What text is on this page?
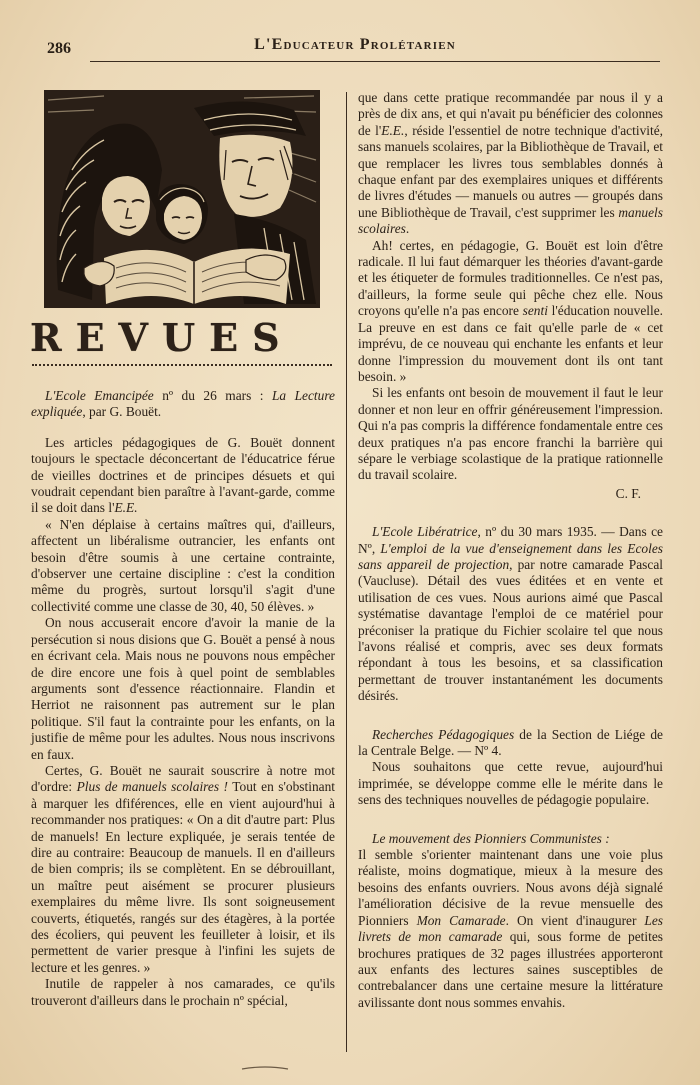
286	L'Educateur Prolétarien
REVUES

L'Ecole Emancipée nº du 26 mars : La Lecture expliquée, par G. Bouët.

Les articles pédagogiques de G. Bouët donnent toujours le spectacle déconcertant de l'éducatrice férue de vieilles doctrines et de principes désuets et qui voudrait cependant bien paraître à l'avant-garde, comme il se doit dans l'E.E.

« N'en déplaise à certains maîtres qui, d'ailleurs, affectent un libéralisme outrancier, les enfants ont besoin d'être soumis à une certaine contrainte, d'observer une certaine discipline : c'est la condition même du progrès, surtout lorsqu'il s'agit d'une collectivité comme une classe de 30, 40, 50 élèves. »

On nous accuserait encore d'avoir la manie de la persécution si nous disions que G. Bouët a pensé à nous en écrivant cela. Mais nous ne pouvons nous empêcher de dire encore une fois à quel point de semblables arguments sont d'essence réactionnaire. Flandin et Herriot ne raisonnent pas autrement sur le plan politique. S'il faut la contrainte pour les enfants, on la justifie de même pour les adultes. Nous nous inscrivons en faux.

Certes, G. Bouët ne saurait souscrire à notre mot d'ordre: Plus de manuels scolaires ! Tout en s'obstinant à marquer les dfiférences, elle en vient aujourd'hui à recommander nos pratiques: « On a dit d'autre part: Plus de manuels! En lecture expliquée, je serais tentée de dire au contraire: Beaucoup de manuels. Il en d'ailleurs de bien compris; ils se complètent. En se débrouillant, un maître peut aisément se procurer plusieurs exemplaires du même livre. Ils sont soigneusement couverts, étiquetés, rangés sur des étagères, à la portée des écoliers, qui peuvent les feuilleter à loisir, et ils permettent de varier presque à l'infini les sujets de lecture et les genres. »

Inutile de rappeler à nos camarades, ce qu'ils trouveront d'ailleurs dans le prochain nº spécial,

que dans cette pratique recommandée par nous il y a près de dix ans, et qui n'avait pu bénéficier des colonnes de l'E.E., réside l'essentiel de notre technique d'activité, sans manuels scolaires, par la Bibliothèque de Travail, et que remplacer les livres tous semblables donnés à chaque enfant par des exemplaires uniques et différents de livres d'études — manuels ou autres — groupés dans une Bibliothèque de Travail, c'est supprimer les manuels scolaires.

Ah! certes, en pédagogie, G. Bouët est loin d'être radicale. Il lui faut démarquer les théories d'avant-garde et les étiqueter de formules traditionnelles. Ce n'est pas, d'ailleurs, la forme seule qui pêche chez elle. Nous croyons qu'elle n'a pas encore senti l'éducation nouvelle. La preuve en est dans ce fait qu'elle parle de « cet imprévu, de ce nouveau qui enchante les enfants et leur donne l'impression du mouvement dont ils ont tant besoin. »

Si les enfants ont besoin de mouvement il faut le leur donner et non leur en offrir généreusement l'impression. Qui n'a pas compris la différence fondamentale entre ces deux pratiques n'a pas encore franchi la barrière qui sépare le verbiage scolastique de la pratique rationnelle du travail scolaire.

C. F.

L'Ecole Libératrice, nº du 30 mars 1935. — Dans ce Nº, L'emploi de la vue d'enseignement dans les Ecoles sans appareil de projection, par notre camarade Pascal (Vaucluse). Détail des vues éditées et en vente et utilisation de ces vues. Nous aurions aimé que Pascal systématise davantage l'emploi de ce matériel pour préconiser la pratique du Fichier scolaire tel que nous l'avons réalisé et compris, avec ses deux formats répondant à tous les besoins, et sa classification permettant de trouver instantanément les documents désirés.

Recherches Pédagogiques de la Section de Liége de la Centrale Belge. — Nº 4.

Nous souhaitons que cette revue, aujourd'hui imprimée, se développe comme elle le mérite dans le sens des techniques nouvelles de pédagogie populaire.

Le mouvement des Pionniers Communistes :

Il semble s'orienter maintenant dans une voie plus réaliste, moins dogmatique, mieux à la mesure des besoins des enfants ouvriers. Nous avons déjà signalé l'amélioration décisive de la revue mensuelle des Pionniers Mon Camarade. On vient d'inaugurer Les livrets de mon camarade qui, sous forme de petites brochures pratiques de 32 pages illustrées apporteront aux enfants des lectures saines susceptibles de contrebalancer dans une certaine mesure la littérature avilissante dont nous sommes envahis.
